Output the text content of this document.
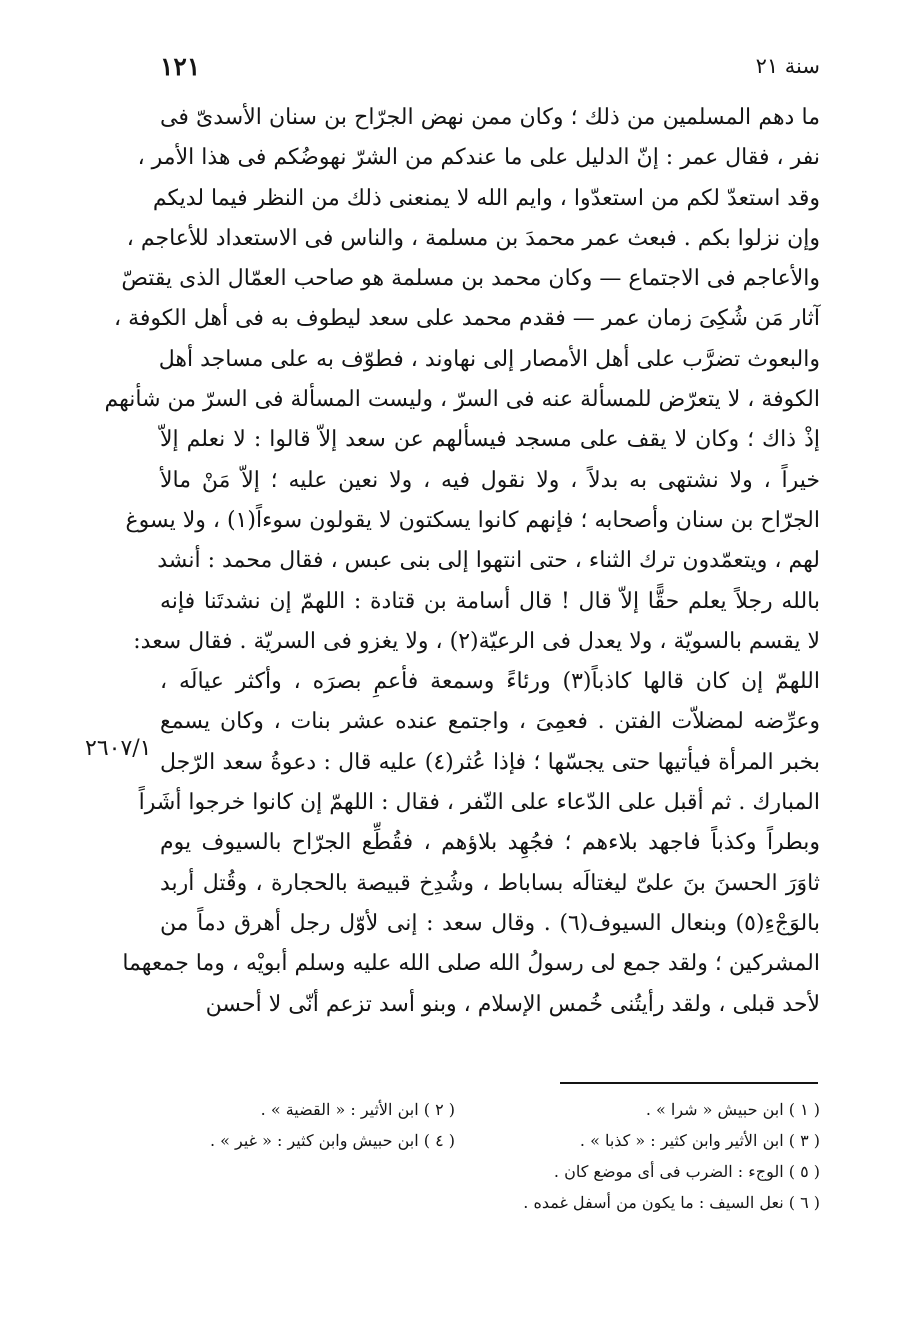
١٢١	سنة ٢١
ما دهم المسلمين من ذلك ؛ وكان ممن نهض الجرّاح بن سنان الأسدىّ فى
نفر ، فقال عمر : إنّ الدليل على ما عندكم من الشرّ نهوضُكم فى هذا الأمر ،
وقد استعدّ لكم من استعدّوا ، وايم الله لا يمنعنى ذلك من النظر فيما لديكم
وإن نزلوا بكم . فبعث عمر محمدَ بن مسلمة ، والناس فى الاستعداد للأعاجم ،
والأعاجم فى الاجتماع — وكان محمد بن مسلمة هو صاحب العمّال الذى يقتصّ
آثار مَن شُكِىَ زمان عمر — فقدم محمد على سعد ليطوف به فى أهل الكوفة ،
والبعوث تضرَّب على أهل الأمصار إلى نهاوند ، فطوّف به على مساجد أهل
الكوفة ، لا يتعرّض للمسألة عنه فى السرّ ، وليست المسألة فى السرّ من شأنهم
إذْ ذاك ؛ وكان لا يقف على مسجد فيسألهم عن سعد إلاّ قالوا : لا نعلم إلاّ
خيراً ، ولا نشتهى به بدلاً ، ولا نقول فيه ، ولا نعين عليه ؛ إلاّ مَنْ مالأ
الجرّاح بن سنان وأصحابه ؛ فإنهم كانوا يسكتون لا يقولون سوءاً(١) ، ولا يسوغ
لهم ، ويتعمّدون ترك الثناء ، حتى انتهوا إلى بنى عبس ، فقال محمد : أنشد
بالله رجلاً يعلم حقًّا إلاّ قال ! قال أسامة بن قتادة : اللهمّ إن نشدتَنا فإنه
لا يقسم بالسويّة ، ولا يعدل فى الرعيّة(٢) ، ولا يغزو فى السريّة . فقال سعد:
اللهمّ إن كان قالها كاذباً(٣) ورئاءً وسمعة فأعمِ بصرَه ، وأكثر عيالَه ،
وعرِّضه لمضلاّت الفتن . فعمِىَ ، واجتمع عنده عشر بنات ، وكان يسمع
بخبر المرأة فيأتيها حتى يجسّها ؛ فإذا عُثر(٤) عليه قال : دعوةُ سعد الرّجل
المبارك . ثم أقبل على الدّعاء على النّفر ، فقال : اللهمّ إن كانوا خرجوا أشَراً
وبطراً وكذباً فاجهد بلاءهم ؛ فجُهِد بلاؤهم ، فقُطِّع الجرّاح بالسيوف يوم
ثاوَرَ الحسنَ بنَ علىّ ليغتالَه بساباط ، وشُدِخ قبيصة بالحجارة ، وقُتل أربد
بالوَجْءِ(٥) وبنعال السيوف(٦) . وقال سعد : إنى لأوّل رجل أهرق دماً من
المشركين ؛ ولقد جمع لى رسولُ الله صلى الله عليه وسلم أبويْه ، وما جمعهما
لأحد قبلى ، ولقد رأيتُنى خُمس الإسلام ، وبنو أسد تزعم أنّى لا أحسن
٢٦٠٧/١
( ١ ) ابن حبيش « شرا » .
( ٢ ) ابن الأثير : « القضية » .
( ٣ ) ابن الأثير وابن كثير : « كذبا » .
( ٤ ) ابن حبيش وابن كثير : « غير » .
( ٥ ) الوجء : الضرب فى أى موضع كان .
( ٦ ) نعل السيف : ما يكون من أسفل غمده .
